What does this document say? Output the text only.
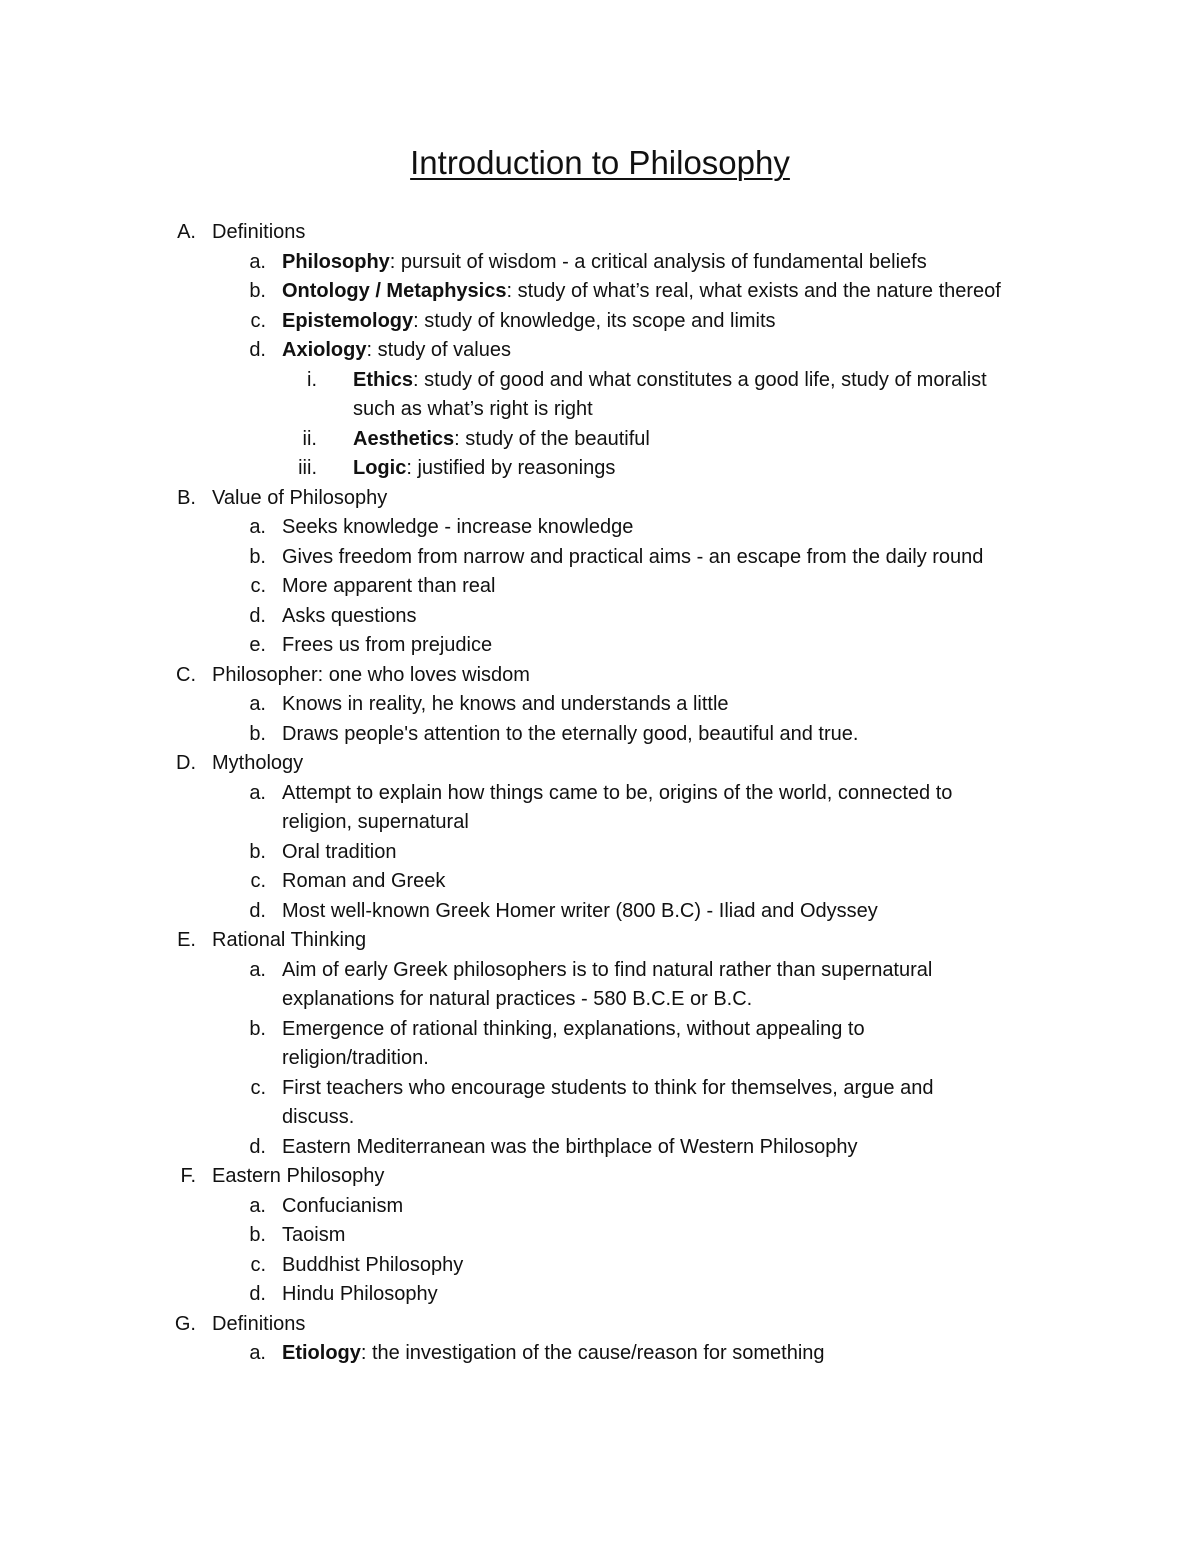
Introduction to Philosophy
A. Definitions
a. Philosophy: pursuit of wisdom - a critical analysis of fundamental beliefs
b. Ontology / Metaphysics: study of what’s real, what exists and the nature thereof
c. Epistemology: study of knowledge, its scope and limits
d. Axiology: study of values
i. Ethics: study of good and what constitutes a good life, study of moralist
such as what’s right is right
ii. Aesthetics: study of the beautiful
iii. Logic: justified by reasonings
B. Value of Philosophy
a. Seeks knowledge - increase knowledge
b. Gives freedom from narrow and practical aims - an escape from the daily round
c. More apparent than real
d. Asks questions
e. Frees us from prejudice
C. Philosopher: one who loves wisdom
a. Knows in reality, he knows and understands a little
b. Draws people's attention to the eternally good, beautiful and true.
D. Mythology
a. Attempt to explain how things came to be, origins of the world, connected to
religion, supernatural
b. Oral tradition
c. Roman and Greek
d. Most well-known Greek Homer writer (800 B.C) - Iliad and Odyssey
E. Rational Thinking
a. Aim of early Greek philosophers is to find natural rather than supernatural
explanations for natural practices - 580 B.C.E or B.C.
b. Emergence of rational thinking, explanations, without appealing to
religion/tradition.
c. First teachers who encourage students to think for themselves, argue and
discuss.
d. Eastern Mediterranean was the birthplace of Western Philosophy
F. Eastern Philosophy
a. Confucianism
b. Taoism
c. Buddhist Philosophy
d. Hindu Philosophy
G. Definitions
a. Etiology: the investigation of the cause/reason for something
